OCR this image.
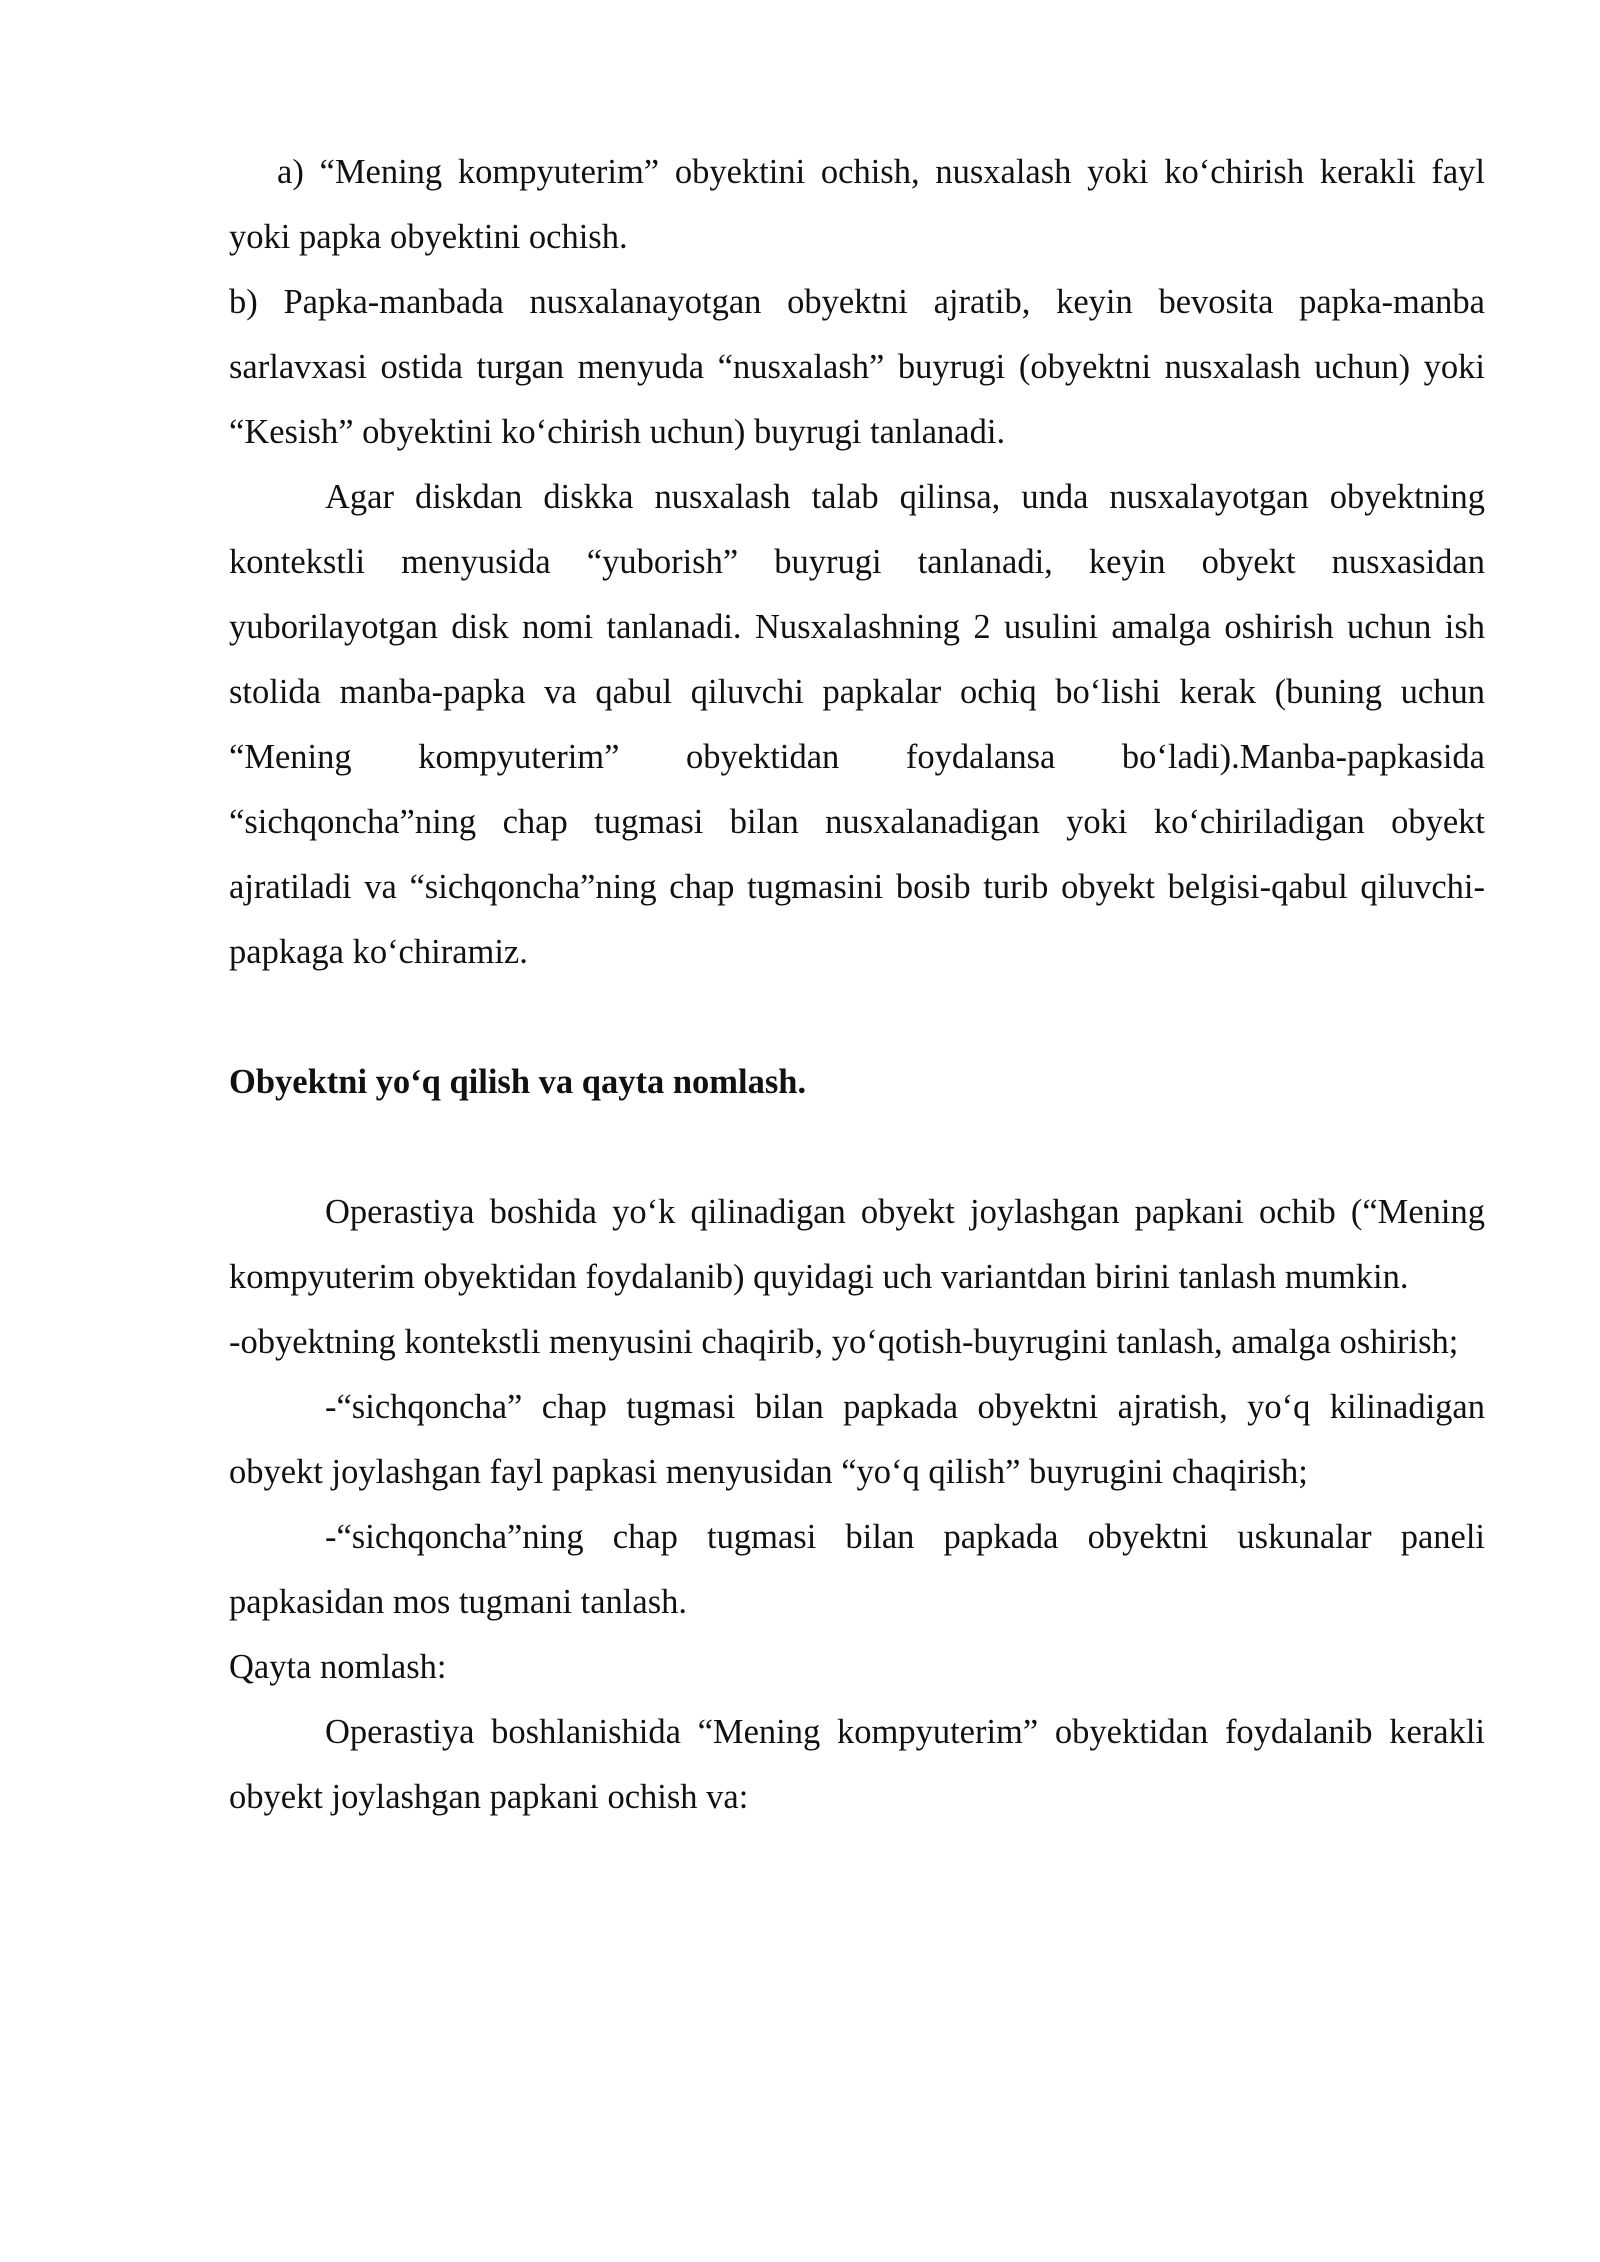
a) “Mening kompyuterim” obyektini ochish, nusxalash yoki ko‘chirish kerakli fayl yoki papka obyektini ochish.

b) Papka-manbada nusxalanayotgan obyektni ajratib, keyin bevosita papka-manba sarlavxasi ostida turgan menyuda “nusxalash” buyrugi (obyektni nusxalash uchun) yoki “Kesish” obyektini ko‘chirish uchun) buyrugi tanlanadi.

Agar diskdan diskka nusxalash talab qilinsa, unda nusxalayotgan obyektning kontekstli menyusida “yuborish” buyrugi tanlanadi, keyin obyekt nusxasidan yuborilayotgan disk nomi tanlanadi. Nusxalashning 2 usulini amalga oshirish uchun ish stolida manba-papka va qabul qiluvchi papkalar ochiq bo‘lishi kerak (buning uchun “Mening kompyuterim” obyektidan foydalansa bo‘ladi).Manba-papkasida “sichqoncha”ning chap tugmasi bilan nusxalanadigan yoki ko‘chiriladigan obyekt ajratiladi va “sichqoncha”ning chap tugmasini bosib turib obyekt belgisi-qabul qiluvchi-papkaga ko‘chiramiz.

Obyektni yo‘q qilish va qayta nomlash.

Operastiya boshida yo‘k qilinadigan obyekt joylashgan papkani ochib (“Mening kompyuterim obyektidan foydalanib) quyidagi uch variantdan birini tanlash mumkin.

-obyektning kontekstli menyusini chaqirib, yo‘qotish-buyrugini tanlash, amalga oshirish;

-“sichqoncha” chap tugmasi bilan papkada obyektni ajratish, yo‘q kilinadigan obyekt joylashgan fayl papkasi menyusidan “yo‘q qilish” buyrugini chaqirish;

-“sichqoncha”ning chap tugmasi bilan papkada obyektni uskunalar paneli papkasidan mos tugmani tanlash.

Qayta nomlash:

Operastiya boshlanishida “Mening kompyuterim” obyektidan foydalanib kerakli obyekt joylashgan papkani ochish va:
